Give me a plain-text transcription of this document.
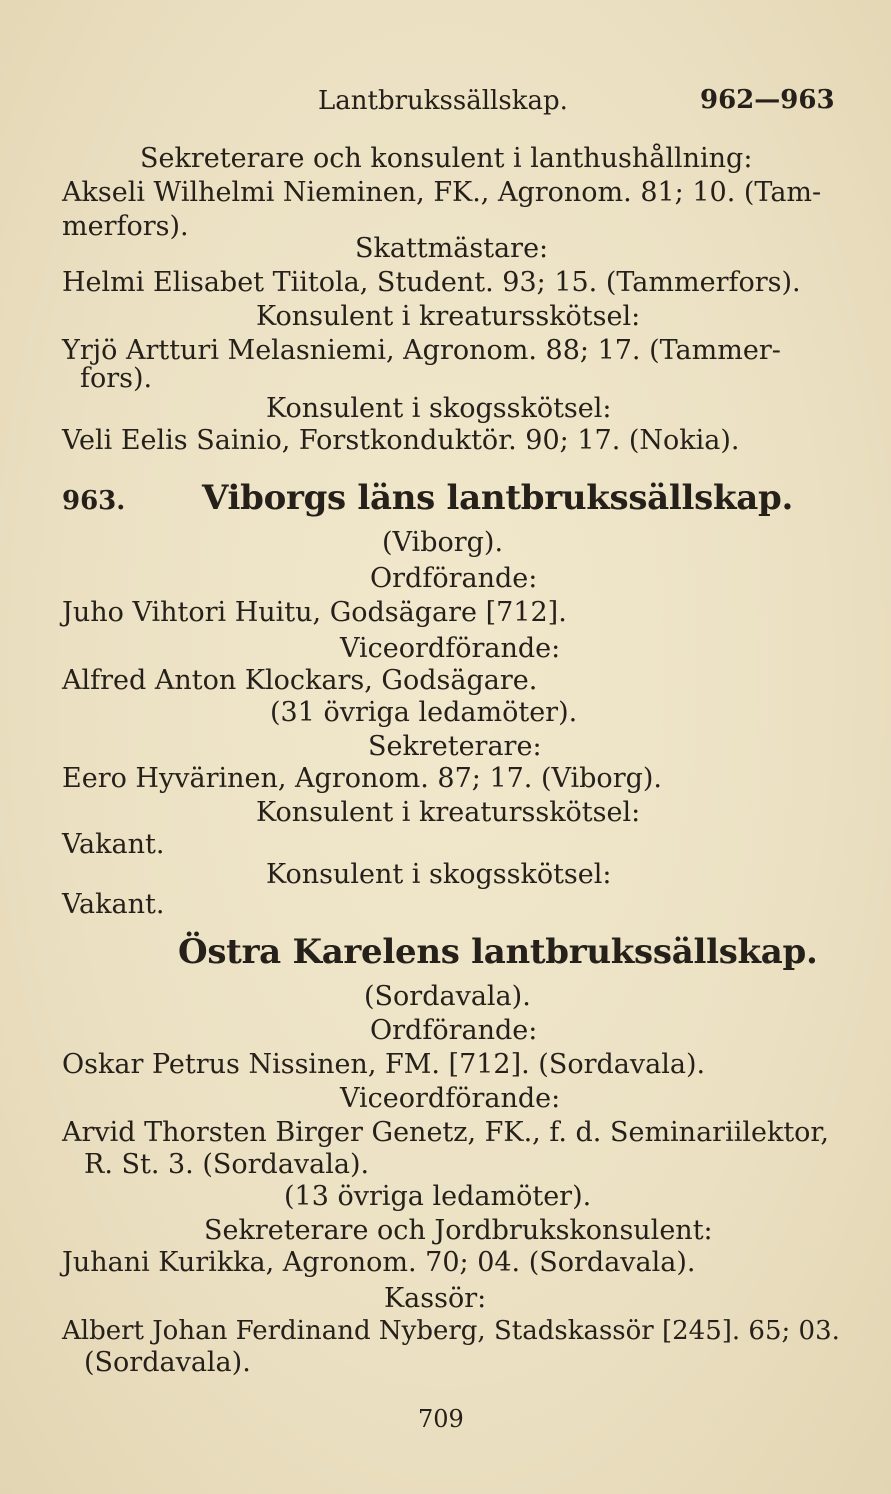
Lantbrukssällskap.	962—963
Sekreterare och konsulent i lanthushållning:
Akseli Wilhelmi Nieminen, FK., Agronom. 81; 10. (Tam-
merfors).
Skattmästare:
Helmi Elisabet Tiitola, Student. 93; 15. (Tammerfors).
Konsulent i kreatursskötsel:
Yrjö Artturi Melasniemi, Agronom. 88; 17. (Tammer-
fors).
Konsulent i skogsskötsel:
Veli Eelis Sainio, Forstkonduktör. 90; 17. (Nokia).
963. Viborgs läns lantbrukssällskap.
(Viborg).
Ordförande:
Juho Vihtori Huitu, Godsägare [712].
Viceordförande:
Alfred Anton Klockars, Godsägare.
(31 övriga ledamöter).
Sekreterare:
Eero Hyvärinen, Agronom. 87; 17. (Viborg).
Konsulent i kreatursskötsel:
Vakant.
Konsulent i skogsskötsel:
Vakant.
Östra Karelens lantbrukssällskap.
(Sordavala).
Ordförande:
Oskar Petrus Nissinen, FM. [712]. (Sordavala).
Viceordförande:
Arvid Thorsten Birger Genetz, FK., f. d. Seminariilektor,
R. St. 3. (Sordavala).
(13 övriga ledamöter).
Sekreterare och Jordbrukskonsulent:
Juhani Kurikka, Agronom. 70; 04. (Sordavala).
Kassör:
Albert Johan Ferdinand Nyberg, Stadskassör [245]. 65; 03.
(Sordavala).
709
